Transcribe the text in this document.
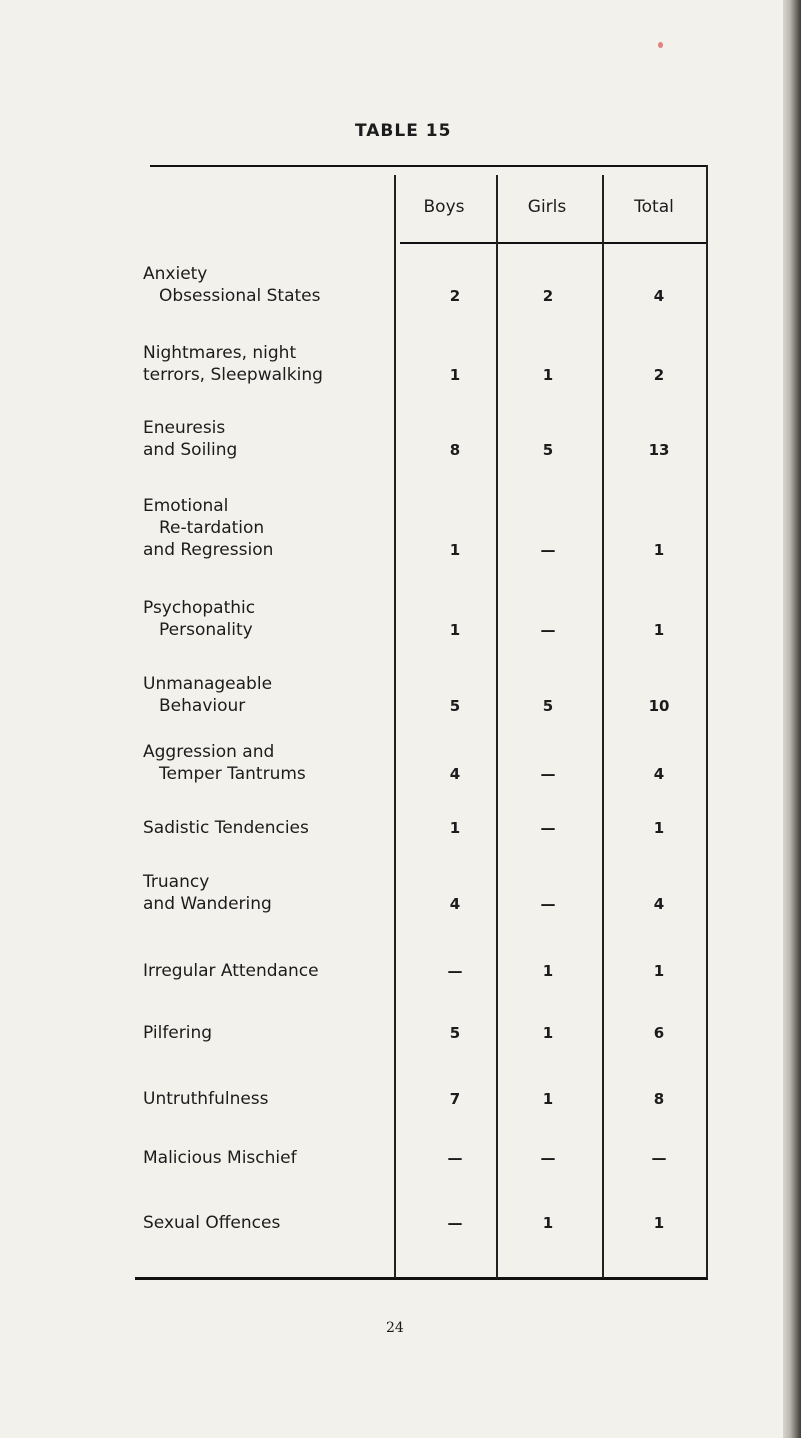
TABLE 15
Boys	Girls	Total
Anxiety
Obsessional States	2	2	4
Nightmares, night
terrors, Sleepwalking	1	1	2
Eneuresis
and Soiling	8	5	13
Emotional
Re-tardation
and Regression	1	—	1
Psychopathic
Personality	1	—	1
Unmanageable
Behaviour	5	5	10
Aggression and
Temper Tantrums	4	—	4
Sadistic Tendencies	1	—	1
Truancy
and Wandering	4	—	4
Irregular Attendance	—	1	1
Pilfering	5	1	6
Untruthfulness	7	1	8
Malicious Mischief	—	—	—
Sexual Offences	—	1	1
24
